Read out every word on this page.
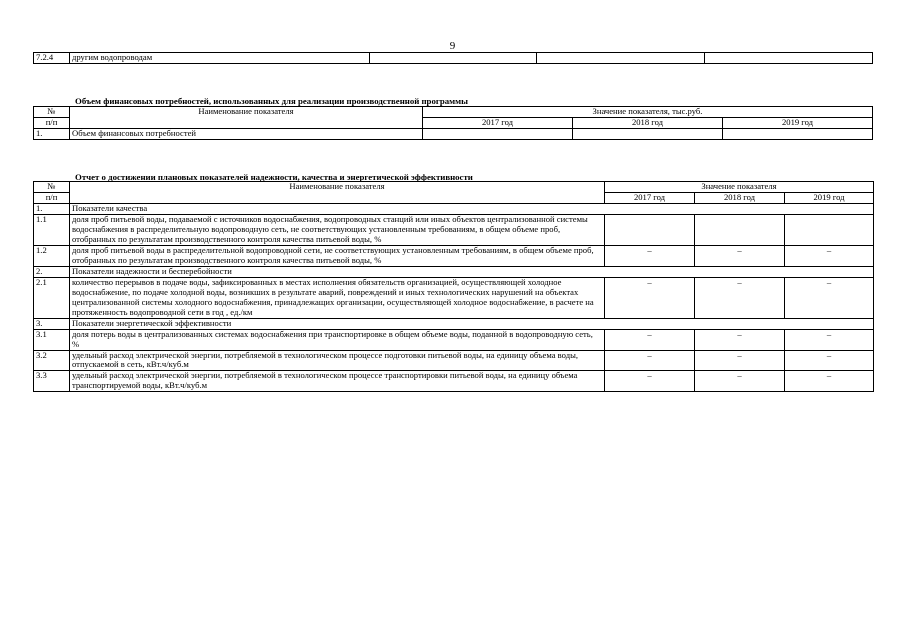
9
7.2.4	другим водопроводам			
Объем финансовых потребностей, использованных для реализации производственной программы
№	Наименование показателя	Значение показателя, тыс.руб.		
п/п		2017 год	2018 год	2019 год
1.	Объем финансовых потребностей			
Отчет о достижении плановых показателей надежности, качества и энергетической эффективности
№	Наименование показателя	Значение показателя		
п/п		2017 год	2018 год	2019 год
1.	Показатели качества			
1.1	доля проб питьевой воды, подаваемой с источников водоснабжения, водопроводных станций или иных объектов централизованной системы водоснабжения в распределительную водопроводную сеть, не соответствующих установленным требованиям, в общем объеме проб, отобранных по результатам производственного контроля качества питьевой воды, %			
1.2	доля проб питьевой воды в распределительной водопроводной сети, не соответствующих установленным требованиям, в общем объеме проб, отобранных по результатам производственного контроля качества питьевой воды, %	–	–	–
2.	Показатели надежности и бесперебойности			
2.1	количество перерывов в подаче воды, зафиксированных в местах исполнения обязательств организацией, осуществляющей холодное водоснабжение, по подаче холодной воды, возникших в результате аварий, повреждений и иных технологических нарушений на объектах централизованной системы холодного водоснабжения, принадлежащих организации, осуществляющей холодное водоснабжение, в расчете на протяженность водопроводной сети в год , ед./км	–	–	–
3.	Показатели энергетической эффективности			
3.1	доля потерь воды в централизованных системах водоснабжения при транспортировке в общем объеме воды, поданной в водопроводную сеть, %	–	–	–
3.2	удельный расход электрической энергии, потребляемой в технологическом процессе подготовки питьевой воды, на единицу объема воды, отпускаемой в сеть, кВт.ч/куб.м	–	–	–
3.3	удельный расход электрической энергии, потребляемой в технологическом процессе транспортировки питьевой воды, на единицу объема транспортируемой воды, кВт.ч/куб.м	–	–	–
